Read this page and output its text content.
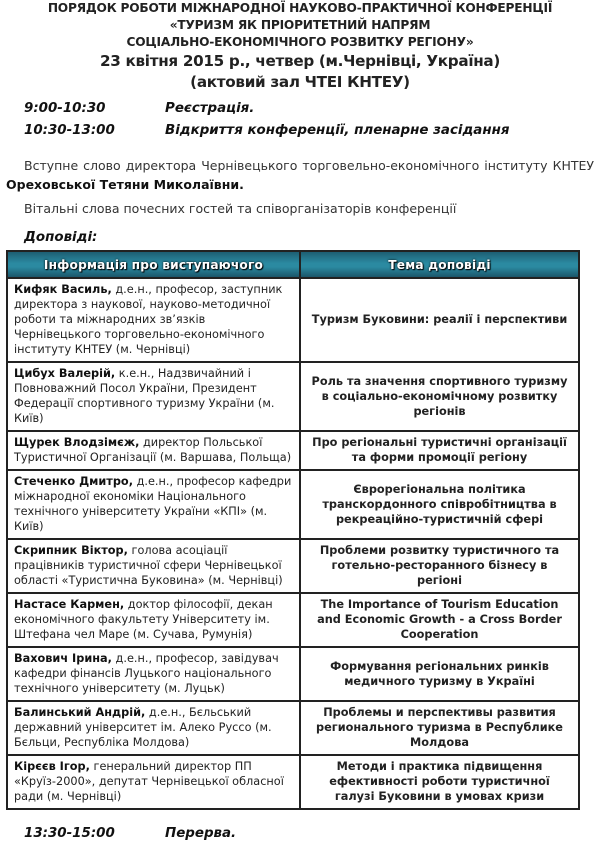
ПОРЯДОК РОБОТИ МІЖНАРОДНОЇ НАУКОВО-ПРАКТИЧНОЇ КОНФЕРЕНЦІЇ
«ТУРИЗМ ЯК ПРІОРИТЕТНИЙ НАПРЯМ
СОЦІАЛЬНО-ЕКОНОМІЧНОГО РОЗВИТКУ РЕГІОНУ»
23 квітня 2015 р., четвер (м.Чернівці, Україна)
(актовий зал ЧТЕІ КНТЕУ)
9:00-10:30	Реєстрація.
10:30-13:00	Відкриття конференції, пленарне засідання
Вступне слово директора Чернівецького торговельно-економічного інституту КНТЕУ Ореховської Тетяни Миколаївни.
Вітальні слова почесних гостей та співорганізаторів конференції
Доповіді:
Інформація про виступаючого	Тема доповіді
Кифяк Василь, д.е.н., професор, заступник директора з наукової, науково-методичної роботи та міжнародних зв’язків Чернівецького торговельно-економічного інституту КНТЕУ (м. Чернівці)	Туризм Буковини: реалії і перспективи
Цибух Валерій, к.е.н., Надзвичайний і Повноважний Посол України, Президент Федерації спортивного туризму України (м. Київ)	Роль та значення спортивного туризму в соціально-економічному розвитку регіонів
Щурек Влодзімєж, директор Польської Туристичної Організації (м. Варшава, Польща)	Про регіональні туристичні організації та форми промоції регіону
Стеченко Дмитро, д.е.н., професор кафедри міжнародної економіки Національного технічного університету України «КПІ» (м. Київ)	Єврорегіональна політика транскордонного співробітництва в рекреаційно-туристичній сфері
Скрипник Віктор, голова асоціації працівників туристичної сфери Чернівецької області «Туристична Буковина» (м. Чернівці)	Проблеми розвитку туристичного та готельно-ресторанного бізнесу в регіоні
Настасе Кармен, доктор філософії, декан економічного факультету Університету ім. Штефана чел Маре (м. Сучава, Румунія)	The Importance of Tourism Education and Economic Growth - a Cross Border Cooperation
Вахович Ірина, д.е.н., професор, завідувач кафедри фінансів Луцького національного технічного університету (м. Луцьк)	Формування регіональних ринків медичного туризму в Україні
Балинський Андрій, д.е.н., Бєльський державний університет ім. Алеко Руссо (м. Бєльци, Республіка Молдова)	Проблемы и перспективы развития регионального туризма в Республике Молдова
Кірєєв Ігор, генеральний директор ПП «Круїз-2000», депутат Чернівецької обласної ради (м. Чернівці)	Методи і практика підвищення ефективності роботи туристичної галузі Буковини в умовах кризи
13:30-15:00	Перерва.
